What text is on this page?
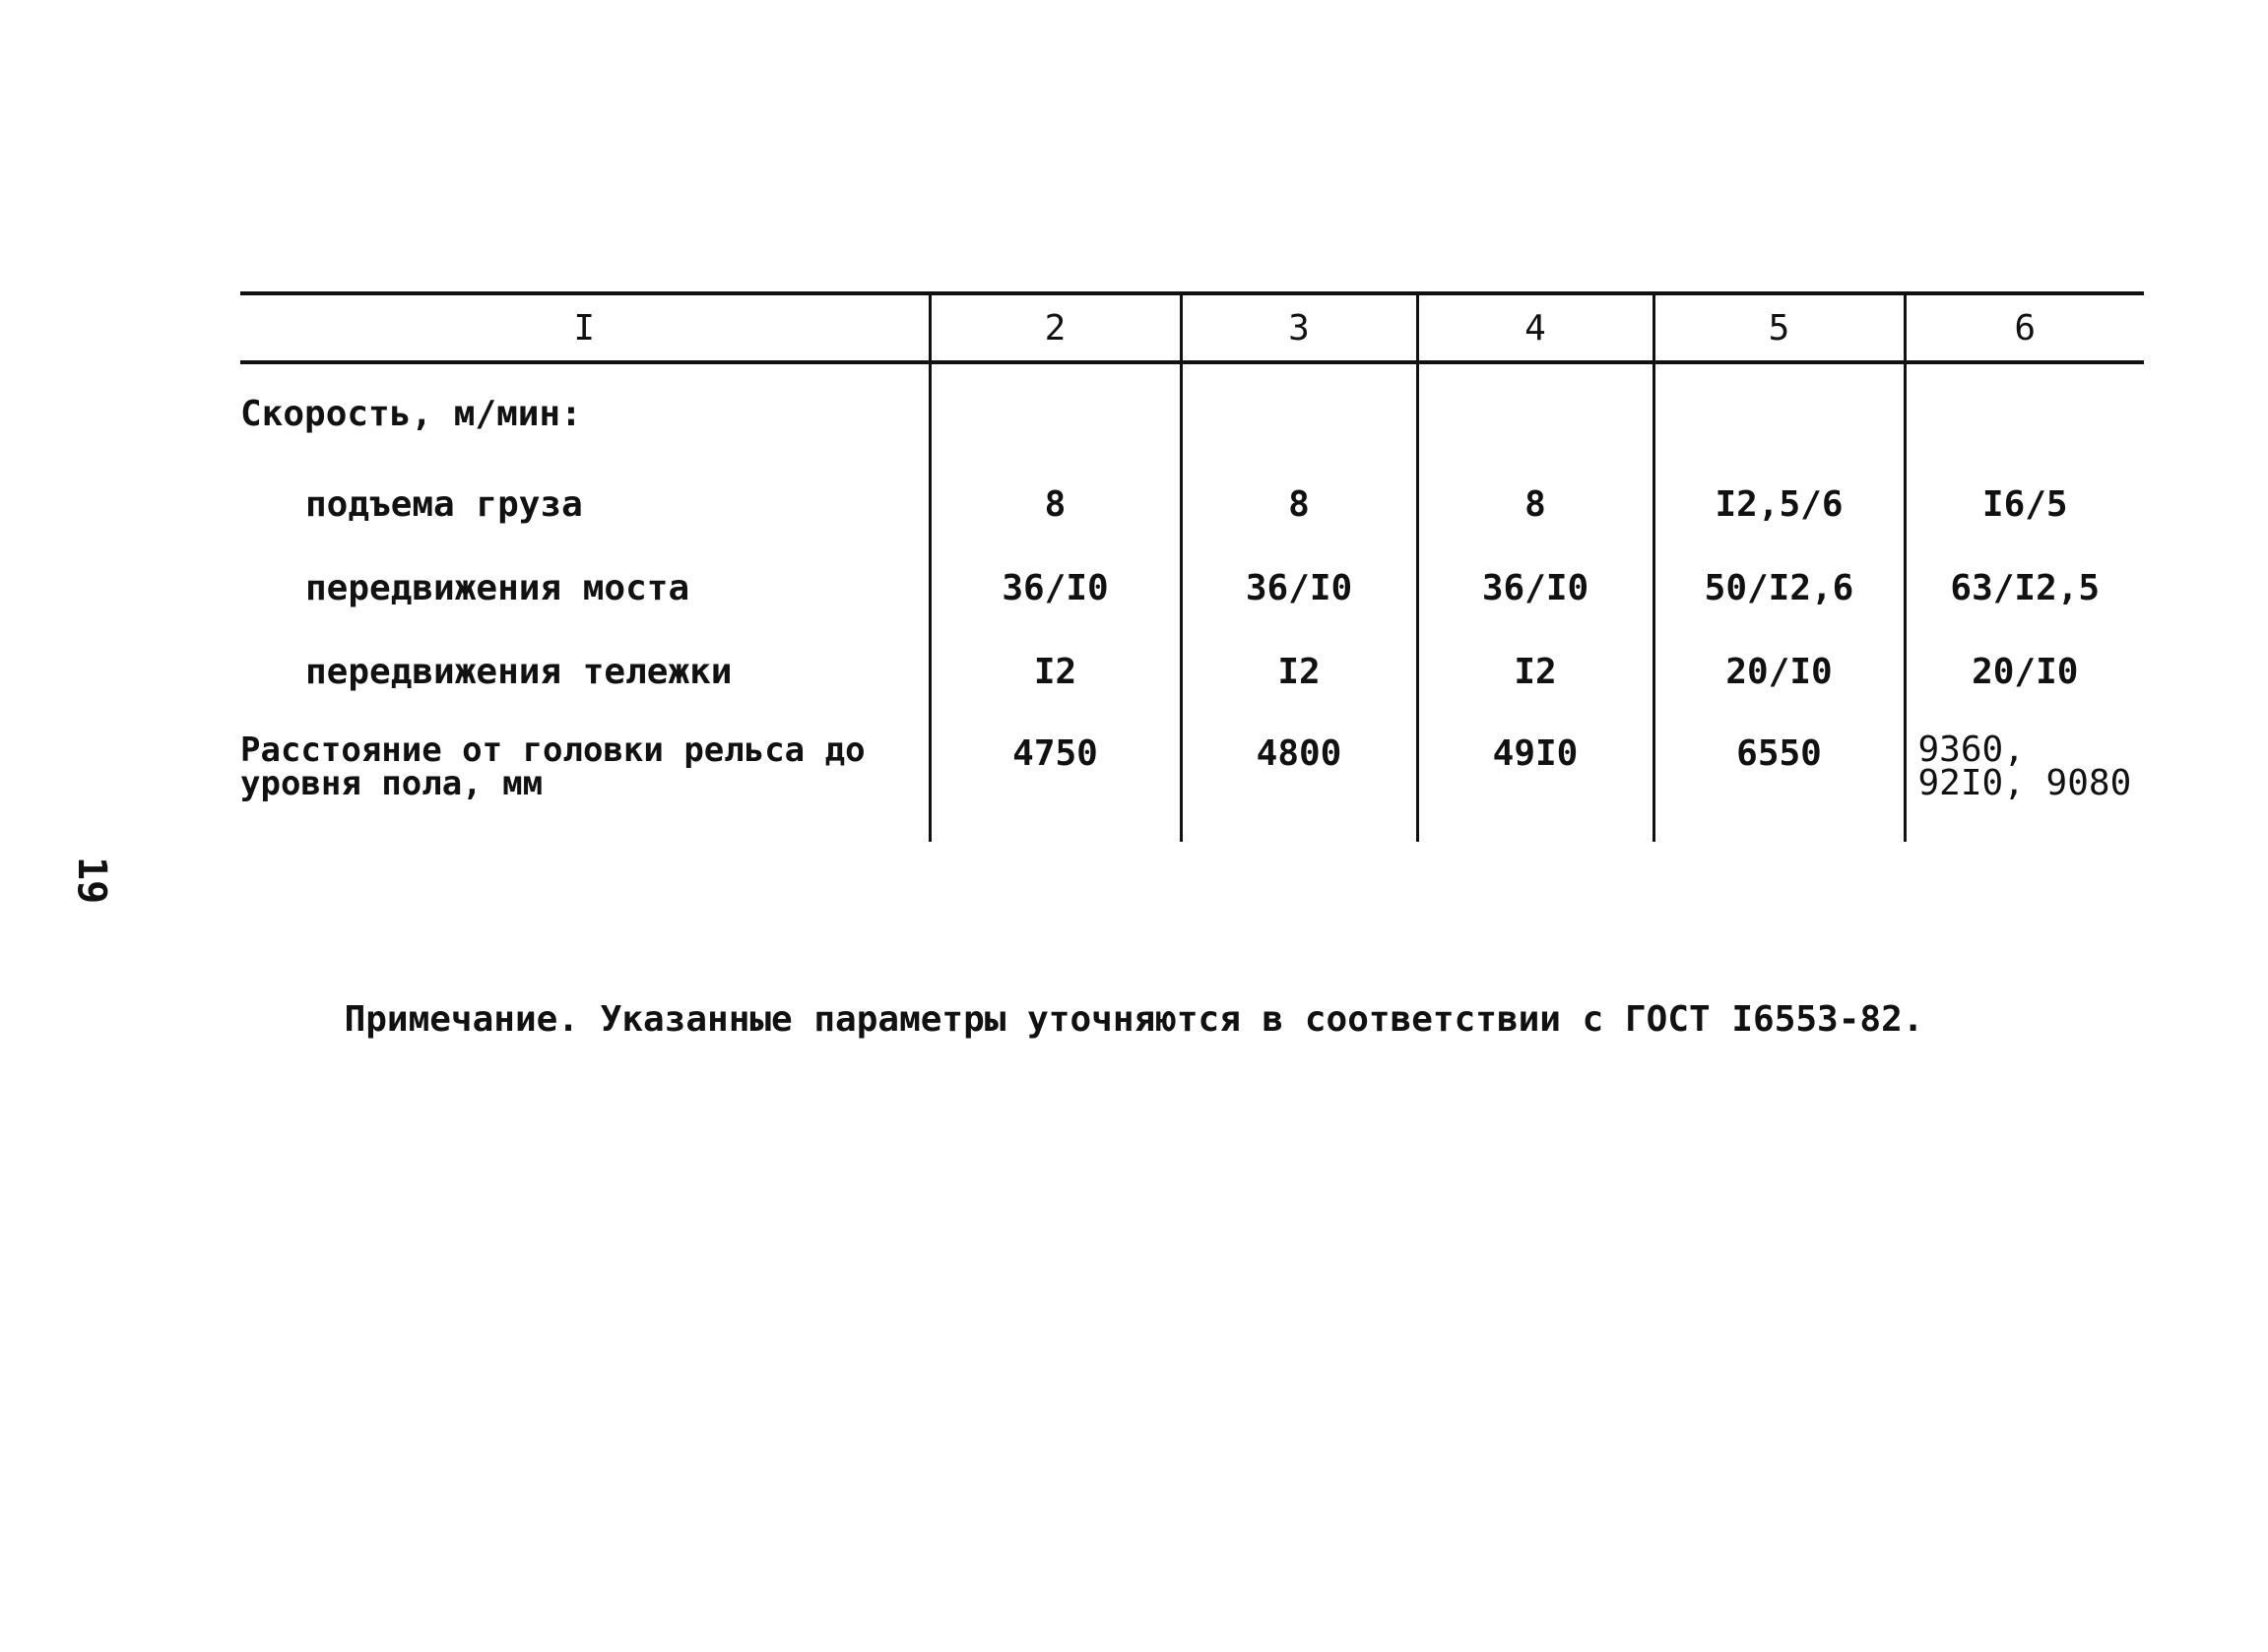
19
I	2	3	4	5	6
Скорость, м/мин:					
подъема груза	8	8	8	I2,5/6	I6/5
передвижения моста	36/I0	36/I0	36/I0	50/I2,6	63/I2,5
передвижения тележки	I2	I2	I2	20/I0	20/I0
Расстояние от головки рельса до уровня пола, мм	4750	4800	49I0	6550	9360, 92I0, 9080
Примечание. Указанные параметры уточняются в соответствии с ГОСТ I6553-82.
